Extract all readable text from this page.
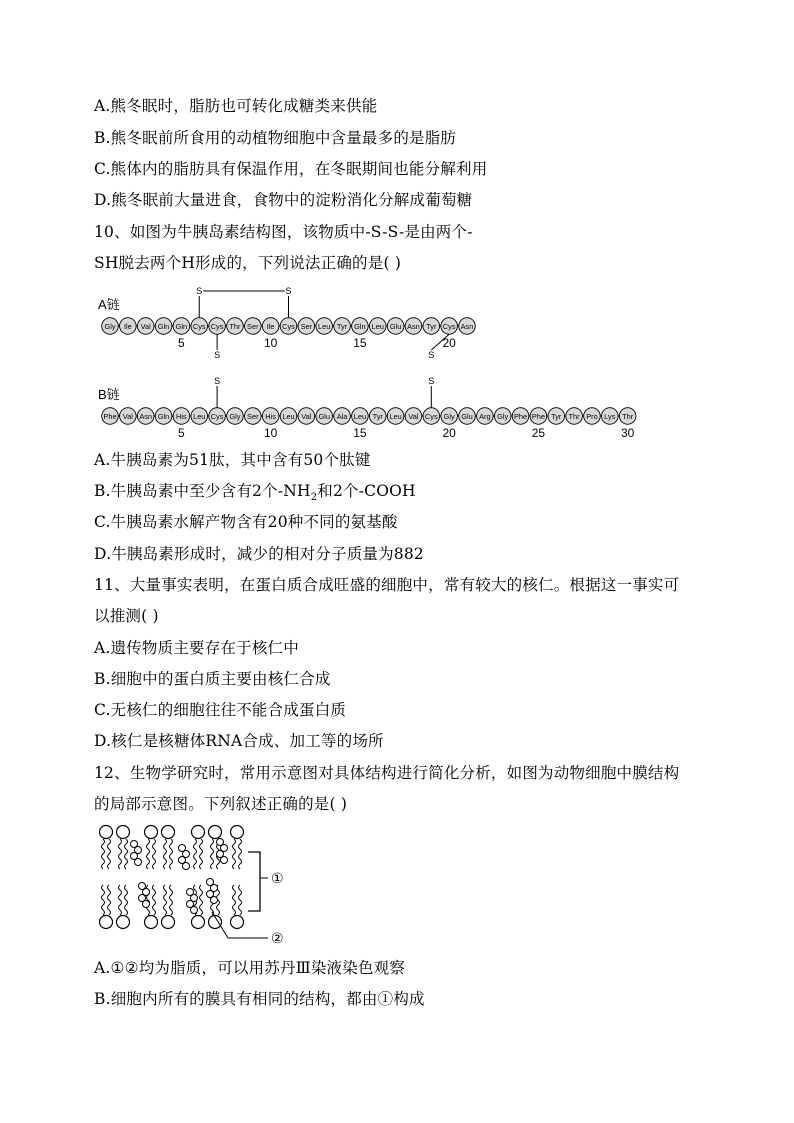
A.熊冬眠时，脂肪也可转化成糖类来供能
B.熊冬眠前所食用的动植物细胞中含量最多的是脂肪
C.熊体内的脂肪具有保温作用，在冬眠期间也能分解利用
D.熊冬眠前大量进食，食物中的淀粉消化分解成葡萄糖
10、如图为牛胰岛素结构图，该物质中-S-S-是由两个-
SH脱去两个H形成的，下列说法正确的是( )
A链
B链
S	S
S
S
S
S
Gly Ile Val Gln Gln Cys Cys Thr Ser Ile Cys Ser Leu Tyr Gln Leu Glu Asn Tyr Cys Asn
5	10	15	20
Phe Val Asn Gln His Leu Cys Gly Ser His Leu Val Glu Ala Leu Tyr Leu Val Cys Gly Glu Arg Gly Phe Phe Tyr Thr Pro Lys Thr
5	10	15	20	25	30
A.牛胰岛素为51肽，其中含有50个肽键
B.牛胰岛素中至少含有2个$-NH_2$和2个-COOH
C.牛胰岛素水解产物含有20种不同的氨基酸
D.牛胰岛素形成时，减少的相对分子质量为882
11、大量事实表明，在蛋白质合成旺盛的细胞中，常有较大的核仁。根据这一事实可
以推测( )
A.遗传物质主要存在于核仁中
B.细胞中的蛋白质主要由核仁合成
C.无核仁的细胞往往不能合成蛋白质
D.核仁是核糖体RNA合成、加工等的场所
12、生物学研究时，常用示意图对具体结构进行简化分析，如图为动物细胞中膜结构
的局部示意图。下列叙述正确的是( )
①
②
A.①②均为脂质，可以用苏丹Ⅲ染液染色观察
B.细胞内所有的膜具有相同的结构，都由①构成
